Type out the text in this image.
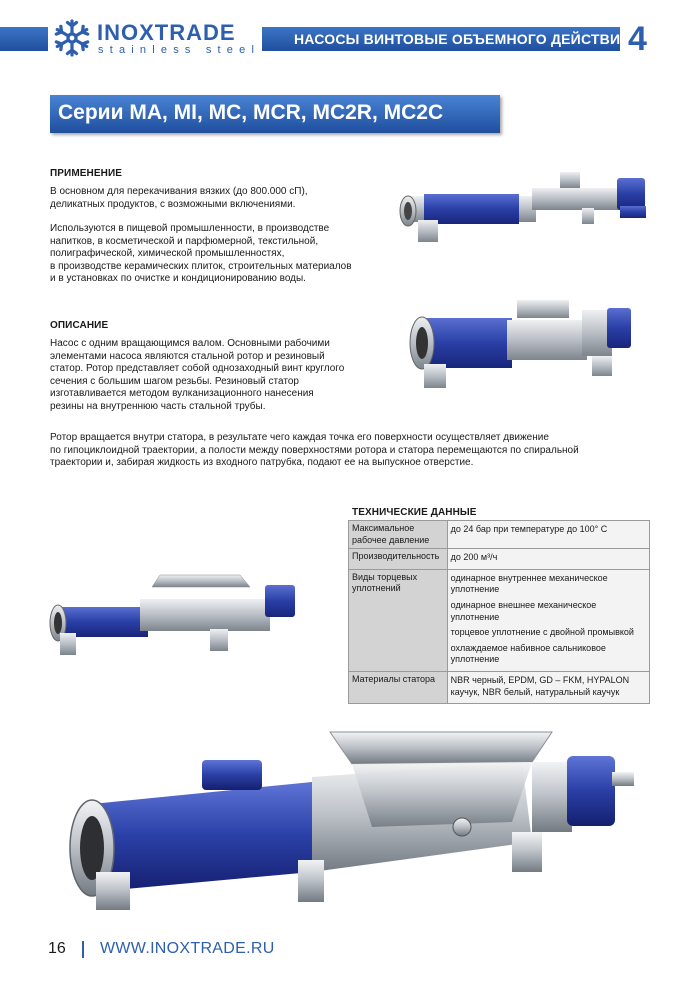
INOXTRADE
stainless steel
НАСОСЫ ВИНТОВЫЕ ОБЪЕМНОГО ДЕЙСТВИЯ
4
Серии MA, MI, MC, MCR, MC2R, MC2C
ПРИМЕНЕНИЕ

В основном для перекачивания вязких (до 800.000 сП),
деликатных продуктов, с возможными включениями.

Используются в пищевой промышленности, в производстве
напитков, в косметической и парфюмерной, текстильной,
полиграфической, химической промышленностях,
в производстве керамических плиток, строительных материалов
и в установках по очистке и кондиционированию воды.

ОПИСАНИЕ

Насос с одним вращающимся валом. Основными рабочими
элементами насоса являются стальной ротор и резиновый
статор. Ротор представляет собой однозаходный винт круглого
сечения с большим шагом резьбы. Резиновый статор
изготавливается методом вулканизационного нанесения
резины на внутреннюю часть стальной трубы.

Ротор вращается внутри статора, в результате чего каждая точка его поверхности осуществляет движение
по гипоциклоидной траектории, а полости между поверхностями ротора и статора перемещаются по спиральной
траектории и, забирая жидкость из входного патрубка, подают ее на выпускное отверстие.

ТЕХНИЧЕСКИЕ ДАННЫЕ
Максимальное рабочее давление	до 24 бар при температуре до 100° С

Производительность	до 200 м³/ч

Виды торцевых уплотнений	одинарное внутреннее механическое уплотнение
одинарное внешнее механическое уплотнение
торцевое уплотнение с двойной промывкой
охлаждаемое набивное сальниковое уплотнение

Материалы статора	NBR черный, EPDM, GD – FKM, HYPALON каучук, NBR белый, натуральный каучук
16 WWW.INOXTRADE.RU
